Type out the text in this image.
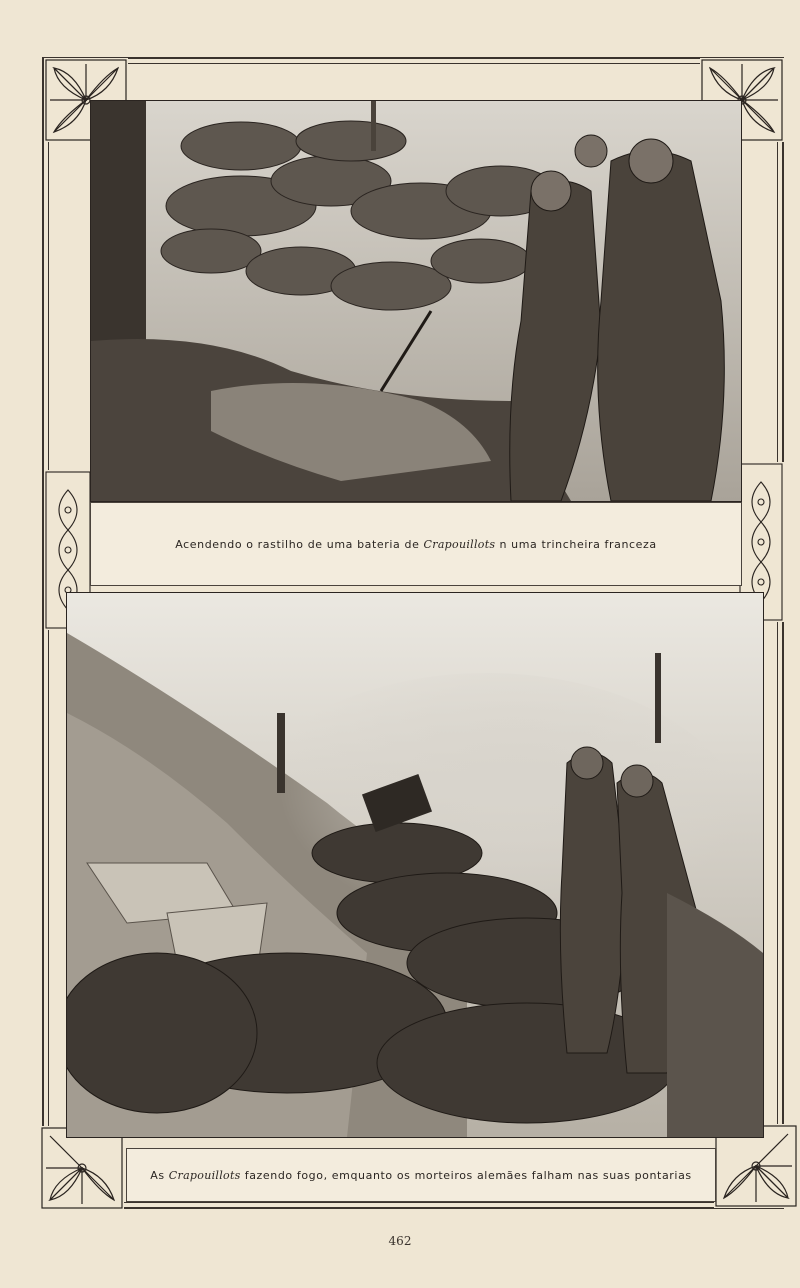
Acendendo o rastilho de uma bateria de Crapouillots n uma trincheira franceza
As Crapouillots fazendo fogo, emquanto os morteiros alemães falham nas suas pontarias
462
